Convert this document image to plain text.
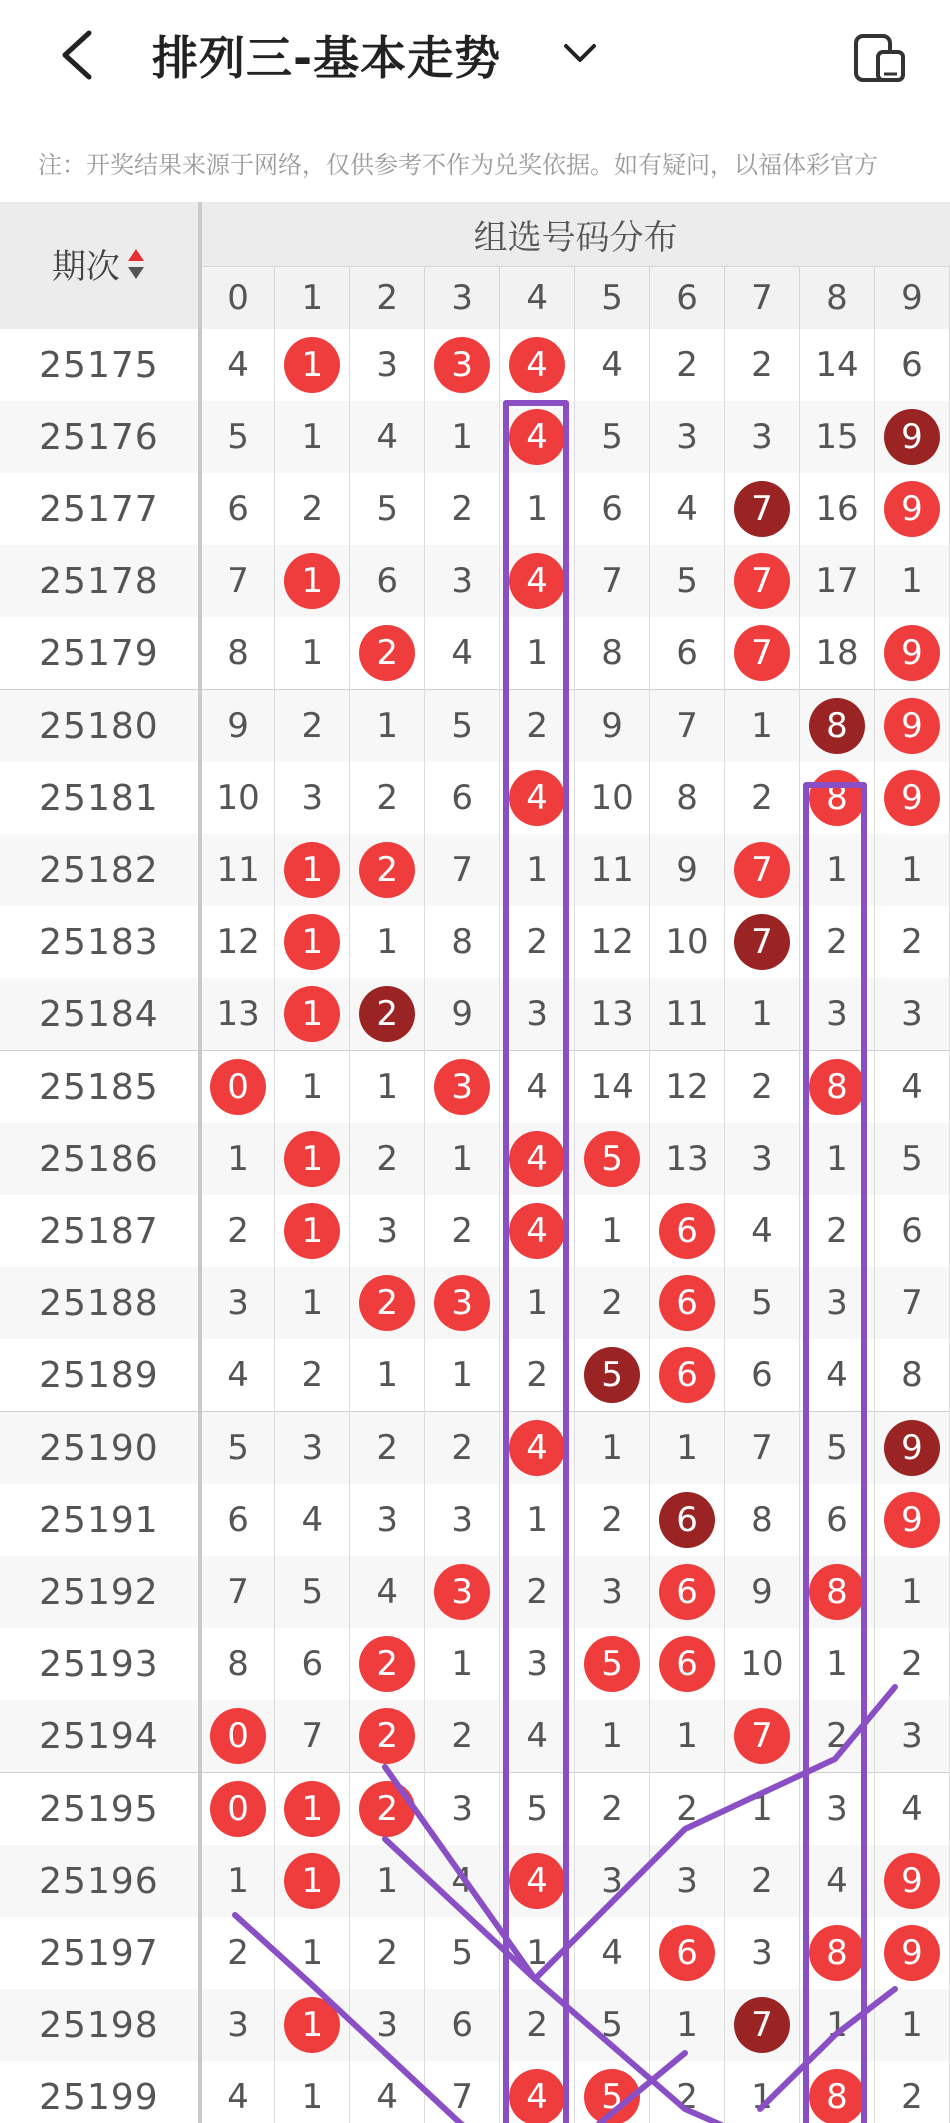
排列三-基本走势
注：开奖结果来源于网络，仅供参考不作为兑奖依据。如有疑问，以福体彩官方
期次	组选号码分布									
	0	1	2	3	4	5	6	7	8	9
25175	4	1	3	3	4	4	2	2	14	6
25176	5	1	4	1	4	5	3	3	15	9
25177	6	2	5	2	1	6	4	7	16	9
25178	7	1	6	3	4	7	5	7	17	1
25179	8	1	2	4	1	8	6	7	18	9
25180	9	2	1	5	2	9	7	1	8	9
25181	10	3	2	6	4	10	8	2	8	9
25182	11	1	2	7	1	11	9	7	1	1
25183	12	1	1	8	2	12	10	7	2	2
25184	13	1	2	9	3	13	11	1	3	3
25185	0	1	1	3	4	14	12	2	8	4
25186	1	1	2	1	4	5	13	3	1	5
25187	2	1	3	2	4	1	6	4	2	6
25188	3	1	2	3	1	2	6	5	3	7
25189	4	2	1	1	2	5	6	6	4	8
25190	5	3	2	2	4	1	1	7	5	9
25191	6	4	3	3	1	2	6	8	6	9
25192	7	5	4	3	2	3	6	9	8	1
25193	8	6	2	1	3	5	6	10	1	2
25194	0	7	2	2	4	1	1	7	2	3
25195	0	1	2	3	5	2	2	1	3	4
25196	1	1	1	4	4	3	3	2	4	9
25197	2	1	2	5	1	4	6	3	8	9
25198	3	1	3	6	2	5	1	7	1	1
25199	4	1	4	7	4	5	2	1	8	2
